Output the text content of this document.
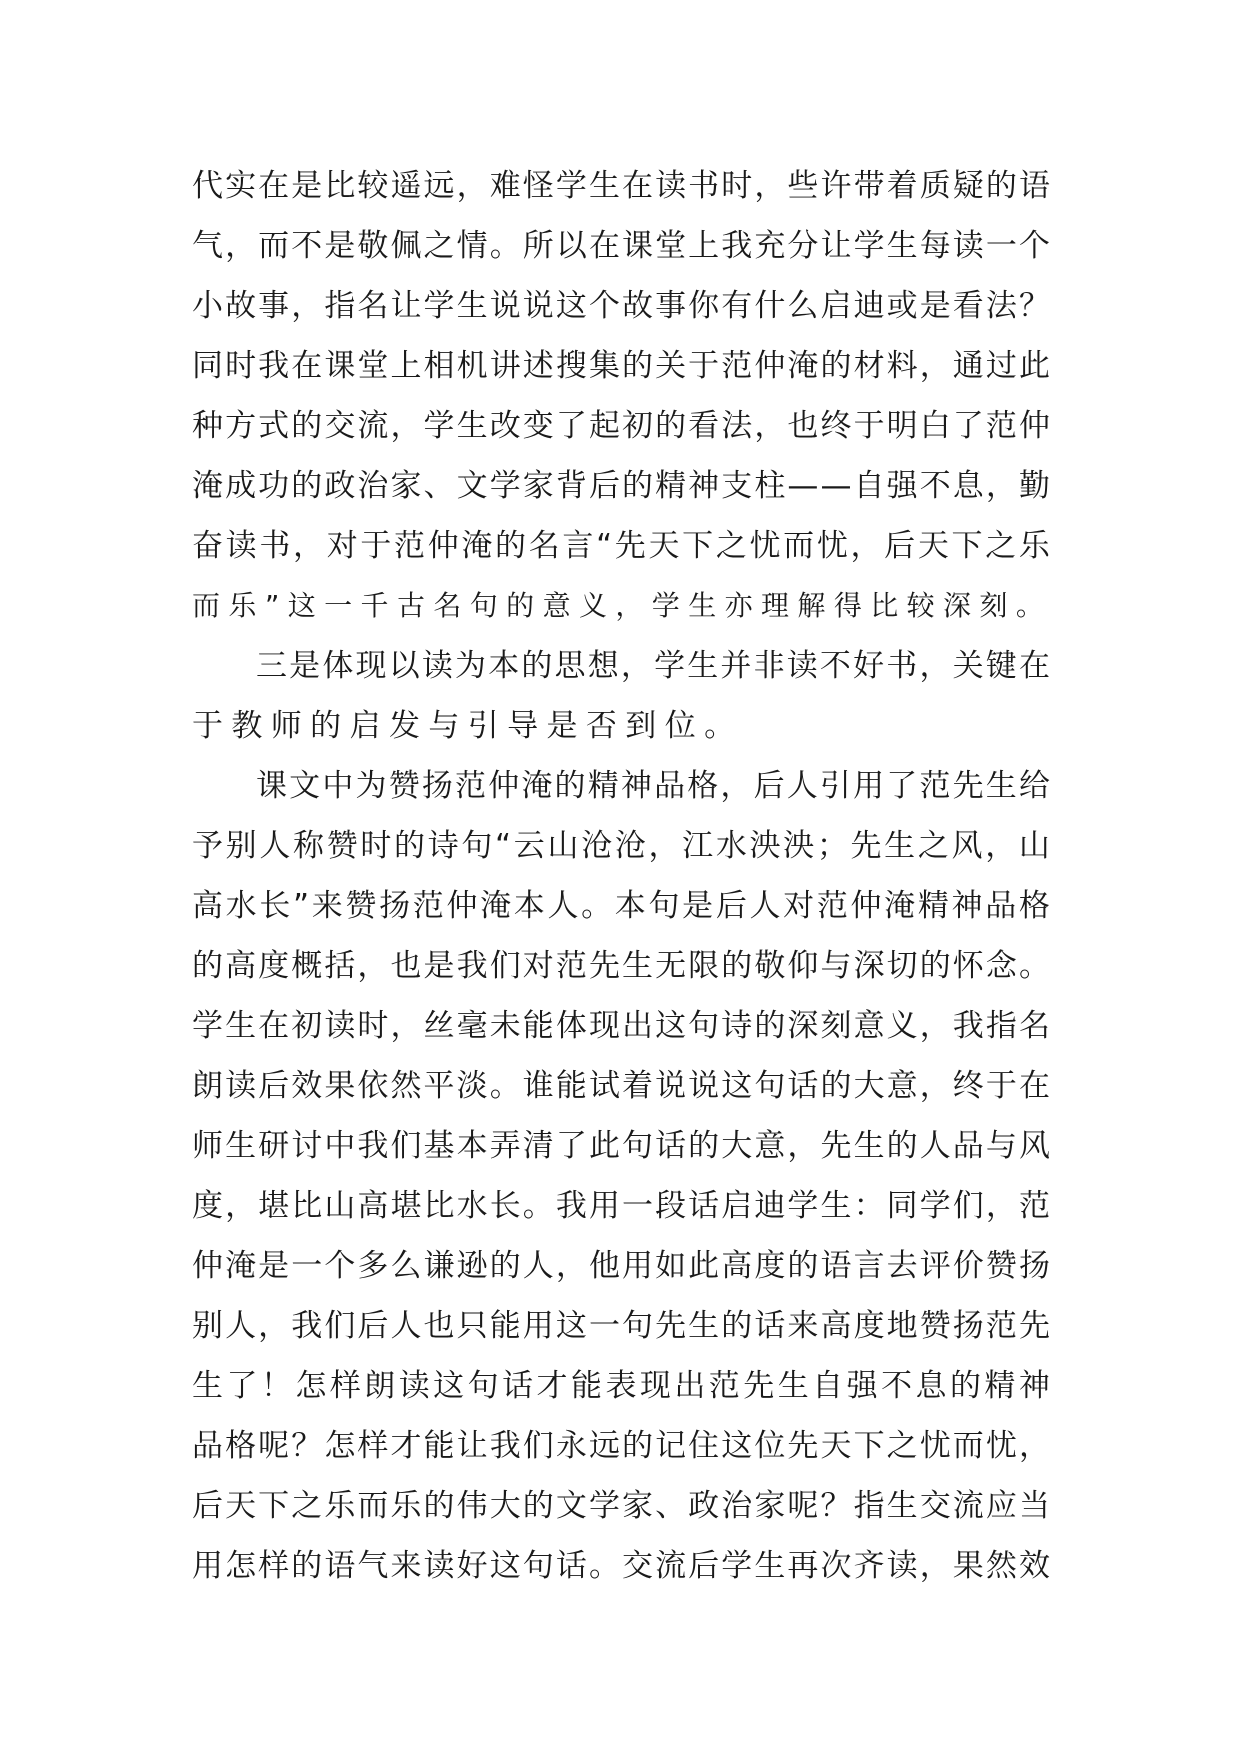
代 实 在 是 比 较 遥 远 ， 难 怪 学 生 在 读 书 时 ， 些 许 带 着 质 疑 的 语
气 ， 而 不 是 敬 佩 之 情 。 所 以 在 课 堂 上 我 充 分 让 学 生 每 读 一 个
小 故 事 ， 指 名 让 学 生 说 说 这 个 故 事 你 有 什 么 启 迪 或 是 看 法 ？
同 时 我 在 课 堂 上 相 机 讲 述 搜 集 的 关 于 范 仲 淹 的 材 料 ， 通 过 此
种 方 式 的 交 流 ， 学 生 改 变 了 起 初 的 看 法 ， 也 终 于 明 白 了 范 仲
淹 成 功 的 政 治 家 、 文 学 家 背 后 的 精 神 支 柱 — — 自 强 不 息 ， 勤
奋 读 书 ， 对 于 范 仲 淹 的 名 言 “ 先 天 下 之 忧 而 忧 ， 后 天 下 之 乐
而 乐 ” 这 一 千 古 名 句 的 意 义 ， 学 生 亦 理 解 得 比 较 深 刻 。
三 是 体 现 以 读 为 本 的 思 想 ， 学 生 并 非 读 不 好 书 ， 关 键 在
于 教 师 的 启 发 与 引 导 是 否 到 位 。
课 文 中 为 赞 扬 范 仲 淹 的 精 神 品 格 ， 后 人 引 用 了 范 先 生 给
予 别 人 称 赞 时 的 诗 句 “ 云 山 沧 沧 ， 江 水 泱 泱 ； 先 生 之 风 ， 山
高 水 长 ” 来 赞 扬 范 仲 淹 本 人 。 本 句 是 后 人 对 范 仲 淹 精 神 品 格
的 高 度 概 括 ， 也 是 我 们 对 范 先 生 无 限 的 敬 仰 与 深 切 的 怀 念 。
学 生 在 初 读 时 ， 丝 毫 未 能 体 现 出 这 句 诗 的 深 刻 意 义 ， 我 指 名
朗 读 后 效 果 依 然 平 淡 。 谁 能 试 着 说 说 这 句 话 的 大 意 ， 终 于 在
师 生 研 讨 中 我 们 基 本 弄 清 了 此 句 话 的 大 意 ， 先 生 的 人 品 与 风
度 ， 堪 比 山 高 堪 比 水 长 。 我 用 一 段 话 启 迪 学 生 ： 同 学 们 ， 范
仲 淹 是 一 个 多 么 谦 逊 的 人 ， 他 用 如 此 高 度 的 语 言 去 评 价 赞 扬
别 人 ， 我 们 后 人 也 只 能 用 这 一 句 先 生 的 话 来 高 度 地 赞 扬 范 先
生 了 ！ 怎 样 朗 读 这 句 话 才 能 表 现 出 范 先 生 自 强 不 息 的 精 神
品 格 呢 ？ 怎 样 才 能 让 我 们 永 远 的 记 住 这 位 先 天 下 之 忧 而 忧 ，
后 天 下 之 乐 而 乐 的 伟 大 的 文 学 家 、 政 治 家 呢 ？ 指 生 交 流 应 当
用 怎 样 的 语 气 来 读 好 这 句 话 。 交 流 后 学 生 再 次 齐 读 ， 果 然 效
